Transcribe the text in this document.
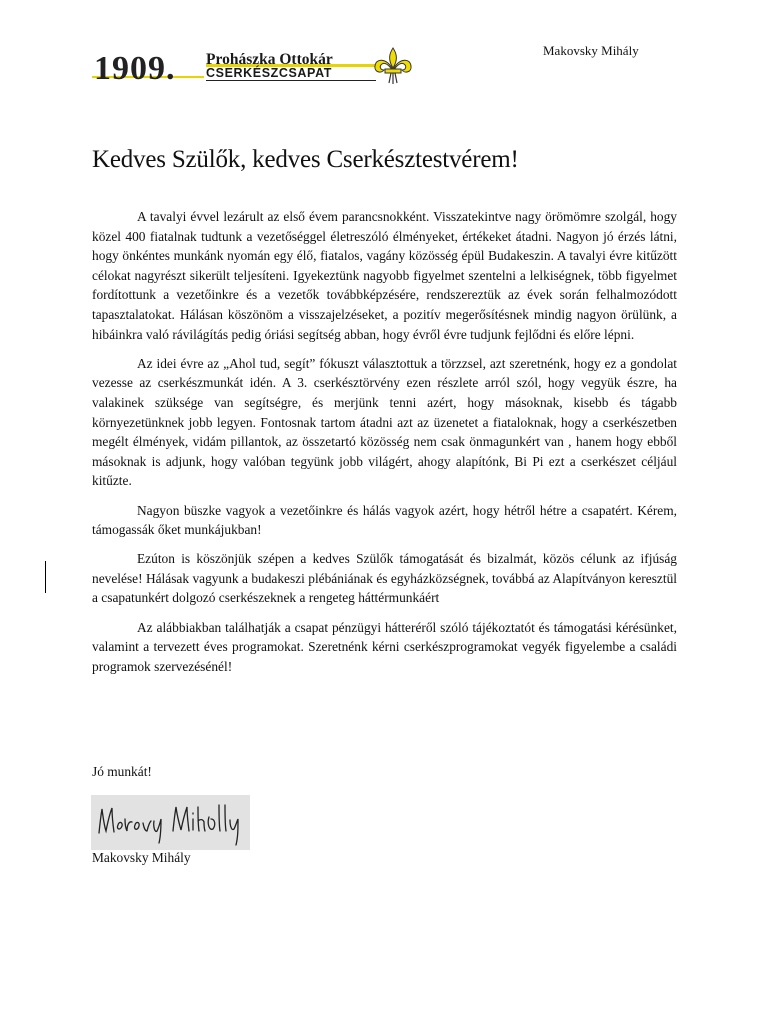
Makovsky Mihály
1909. Prohászka Ottokár
CSERKÉSZCSAPAT
Kedves Szülők, kedves Cserkésztestvérem!

A tavalyi évvel lezárult az első évem parancsnokként. Visszatekintve nagy örömömre szolgál, hogy közel 400 fiatalnak tudtunk a vezetőséggel életreszóló élményeket, értékeket átadni. Nagyon jó érzés látni, hogy önkéntes munkánk nyomán egy élő, fiatalos, vagány közösség épül Budakeszin. A tavalyi évre kitűzött célokat nagyrészt sikerült teljesíteni. Igyekeztünk nagyobb figyelmet szentelni a lelkiségnek, több figyelmet fordítottunk a vezetőinkre és a vezetők továbbképzésére, rendszereztük az évek során felhalmozódott tapasztalatokat. Hálásan köszönöm a visszajelzéseket, a pozitív megerősítésnek mindig nagyon örülünk, a hibáinkra való rávilágítás pedig óriási segítség abban, hogy évről évre tudjunk fejlődni és előre lépni.

Az idei évre az „Ahol tud, segít” fókuszt választottuk a törzzsel, azt szeretnénk, hogy ez a gondolat vezesse az cserkészmunkát idén. A 3. cserkésztörvény ezen részlete arról szól, hogy vegyük észre, ha valakinek szüksége van segítségre, és merjünk tenni azért, hogy másoknak, kisebb és tágabb környezetünknek jobb legyen. Fontosnak tartom átadni azt az üzenetet a fiataloknak, hogy a cserkészetben megélt élmények, vidám pillantok, az összetartó közösség nem csak önmagunkért van , hanem hogy ebből másoknak is adjunk, hogy valóban tegyünk jobb világért, ahogy alapítónk, Bi Pi ezt a cserkészet céljául kitűzte.

Nagyon büszke vagyok a vezetőinkre és hálás vagyok azért, hogy hétről hétre a csapatért. Kérem, támogassák őket munkájukban!

Ezúton is köszönjük szépen a kedves Szülők támogatását és bizalmát, közös célunk az ifjúság nevelése! Hálásak vagyunk a budakeszi plébániának és egyházközségnek, továbbá az Alapítványon keresztül a csapatunkért dolgozó cserkészeknek a rengeteg háttérmunkáért

Az alábbiakban találhatják a csapat pénzügyi hátteréről szóló tájékoztatót és támogatási kérésünket, valamint a tervezett éves programokat. Szeretnénk kérni cserkészprogramokat vegyék figyelembe a családi programok szervezésénél!

Jó munkát!
Makovsky Mihály
